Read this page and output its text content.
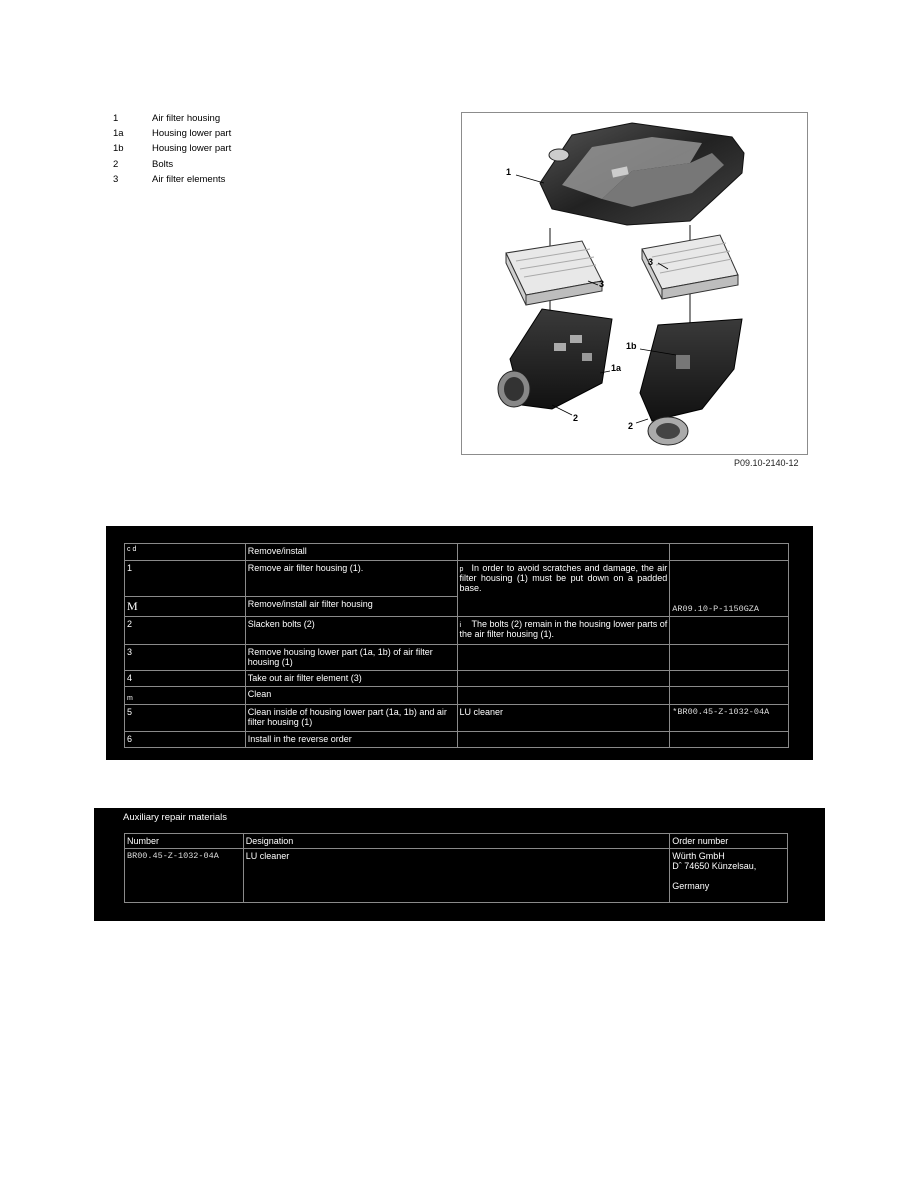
1	Air filter housing
1a	Housing lower part
1b	Housing lower part
2	Bolts
3	Air filter elements
1
3
3
1a
1b
2
2
P09.10-2140-12
c d	Remove/install		
1	Remove air filter housing (1).	p In order to avoid scratches and damage, the air filter housing (1) must be put down on a padded base.	AR09.10-P-1150GZA
M	Remove/install air filter housing		
2	Slacken bolts (2)	i The bolts (2) remain in the housing lower parts of the air filter housing (1).	
3	Remove housing lower part (1a, 1b) of air filter housing (1)		
4	Take out air filter element (3)		
m	Clean		
5	Clean inside of housing lower part (1a, 1b) and air filter housing (1)	LU cleaner	*BR00.45-Z-1032-04A
6	Install in the reverse order		
Auxiliary repair materials
Number	Designation	Order number
BR00.45-Z-1032-04A	LU cleaner	Würth GmbH
Dˆ 74650 Künzelsau,

Germany
